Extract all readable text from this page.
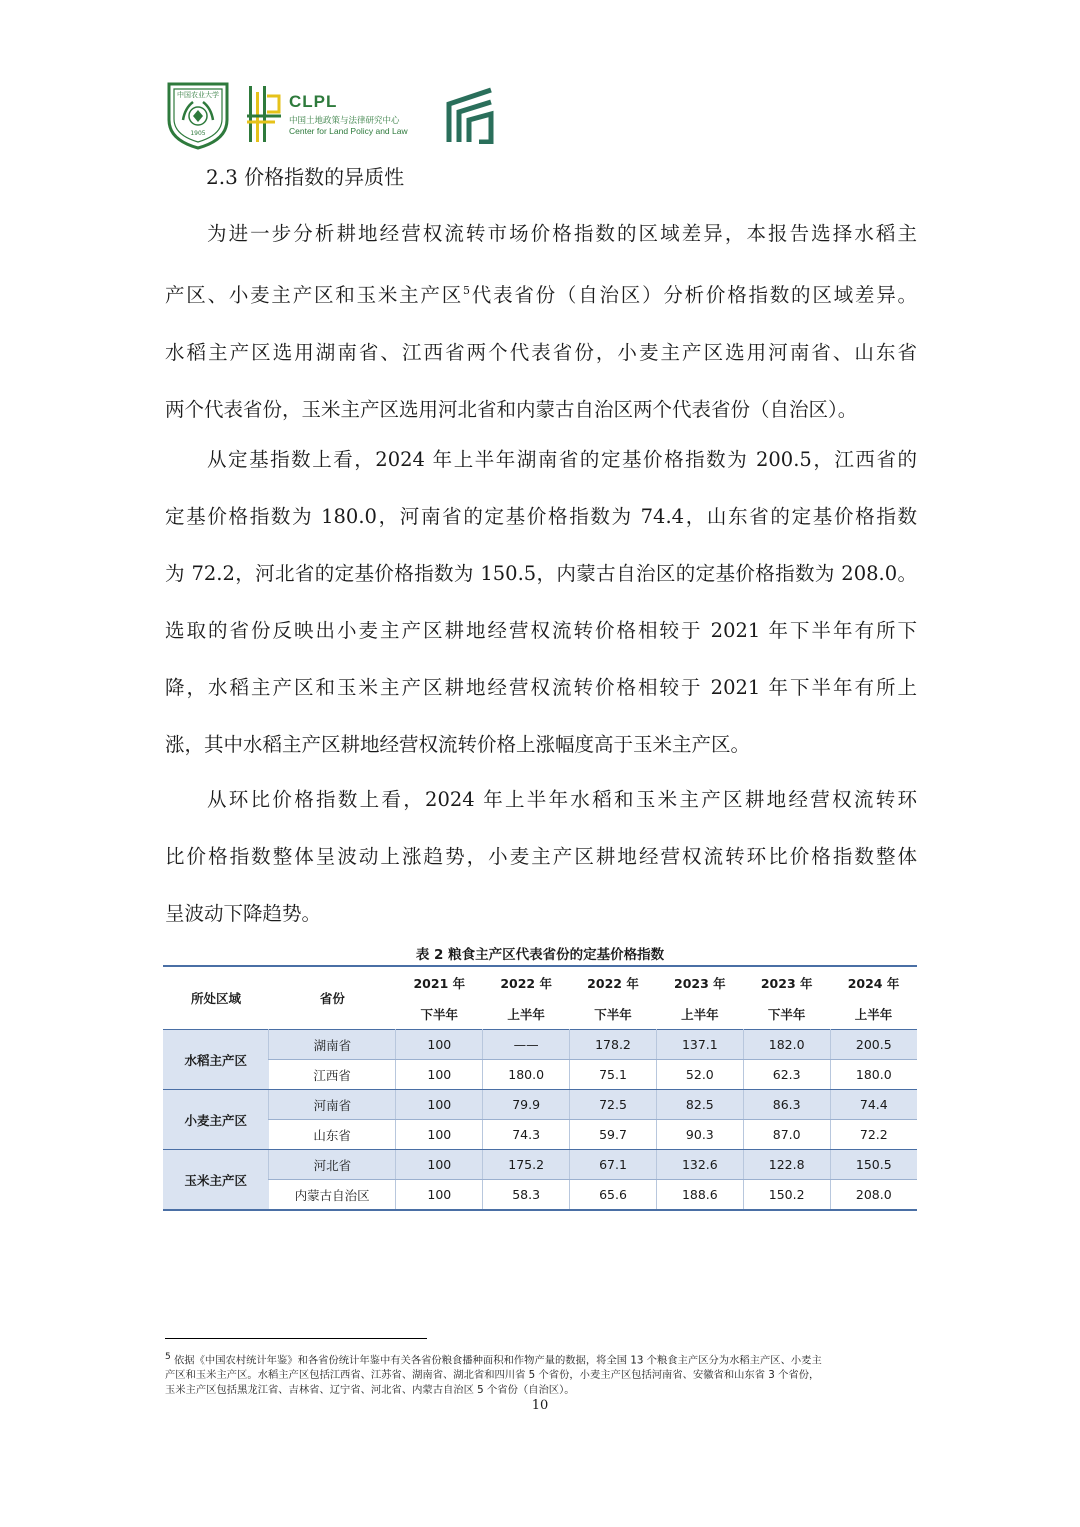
中国农业大学
1905
CLPL
中国土地政策与法律研究中心
Center for Land Policy and Law
2.3 价格指数的异质性
为进一步分析耕地经营权流转市场价格指数的区域差异，本报告选择水稻主
产区、小麦主产区和玉米主产区$^5$代表省份（自治区）分析价格指数的区域差异。
水稻主产区选用湖南省、江西省两个代表省份，小麦主产区选用河南省、山东省
两个代表省份，玉米主产区选用河北省和内蒙古自治区两个代表省份（自治区）。
从定基指数上看，2024 年上半年湖南省的定基价格指数为 200.5，江西省的
定基价格指数为 180.0，河南省的定基价格指数为 74.4，山东省的定基价格指数
为 72.2，河北省的定基价格指数为 150.5，内蒙古自治区的定基价格指数为 208.0。
选取的省份反映出小麦主产区耕地经营权流转价格相较于 2021 年下半年有所下
降，水稻主产区和玉米主产区耕地经营权流转价格相较于 2021 年下半年有所上
涨，其中水稻主产区耕地经营权流转价格上涨幅度高于玉米主产区。
从环比价格指数上看，2024 年上半年水稻和玉米主产区耕地经营权流转环
比价格指数整体呈波动上涨趋势，小麦主产区耕地经营权流转环比价格指数整体
呈波动下降趋势。
表 2 粮食主产区代表省份的定基价格指数
所处区域	省份	2021 年	2022 年	2022 年	2023 年	2023 年	2024 年
		下半年	上半年	下半年	上半年	下半年	上半年
水稻主产区	湖南省	100	——	178.2	137.1	182.0	200.5
	江西省	100	180.0	75.1	52.0	62.3	180.0
小麦主产区	河南省	100	79.9	72.5	82.5	86.3	74.4
	山东省	100	74.3	59.7	90.3	87.0	72.2
玉米主产区	河北省	100	175.2	67.1	132.6	122.8	150.5
	内蒙古自治区	100	58.3	65.6	188.6	150.2	208.0
$^5$ 依据《中国农村统计年鉴》和各省份统计年鉴中有关各省份粮食播种面积和作物产量的数据，将全国 13 个粮食主产区分为水稻主产区、小麦主
产区和玉米主产区。水稻主产区包括江西省、江苏省、湖南省、湖北省和四川省 5 个省份，小麦主产区包括河南省、安徽省和山东省 3 个省份，
玉米主产区包括黑龙江省、吉林省、辽宁省、河北省、内蒙古自治区 5 个省份（自治区）。
10
